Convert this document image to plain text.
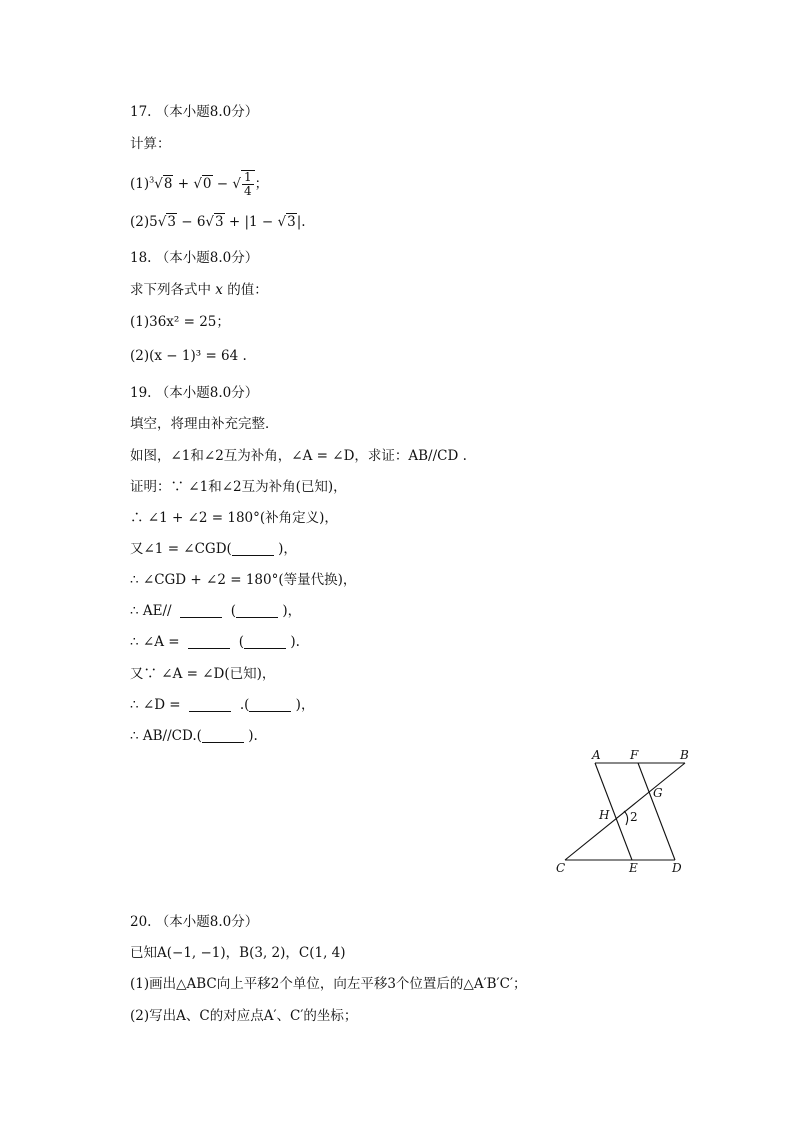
17. （本小题8.0分）
计算：
$(1)^3√8 + √0$ − √ $\frac{1}{4}$ ；
(2)5√3 − 6√3 + |1 − √3|.
18. （本小题8.0分）
求下列各式中 x 的值：
(1)36x² = 25；
(2)(x − 1)³ = 64 .
19. （本小题8.0分）
填空，将理由补充完整．
如图，∠1和∠2互为补角，∠A = ∠D，求证：AB//CD .
证明：∵ ∠1和∠2互为补角(已知)，
∴ ∠1 + ∠2 = 180°(补角定义)，
又∠1 = ∠CGD(	)，
∴ ∠CGD + ∠2 = 180°(等量代换)，
∴ AE//	(	)，
∴ ∠A =	(	).
又∵ ∠A = ∠D(已知)，
∴ ∠D =	.(	)，
∴ AB//CD.(	).
A F	B
G
H 2
C	E	D
20. （本小题8.0分）
已知A(−1, −1)，B(3, 2)，C(1, 4)
(1)画出△ABC向上平移2个单位，向左平移3个位置后的△A′B′C′；
(2)写出A、C的对应点A′、C′的坐标；
